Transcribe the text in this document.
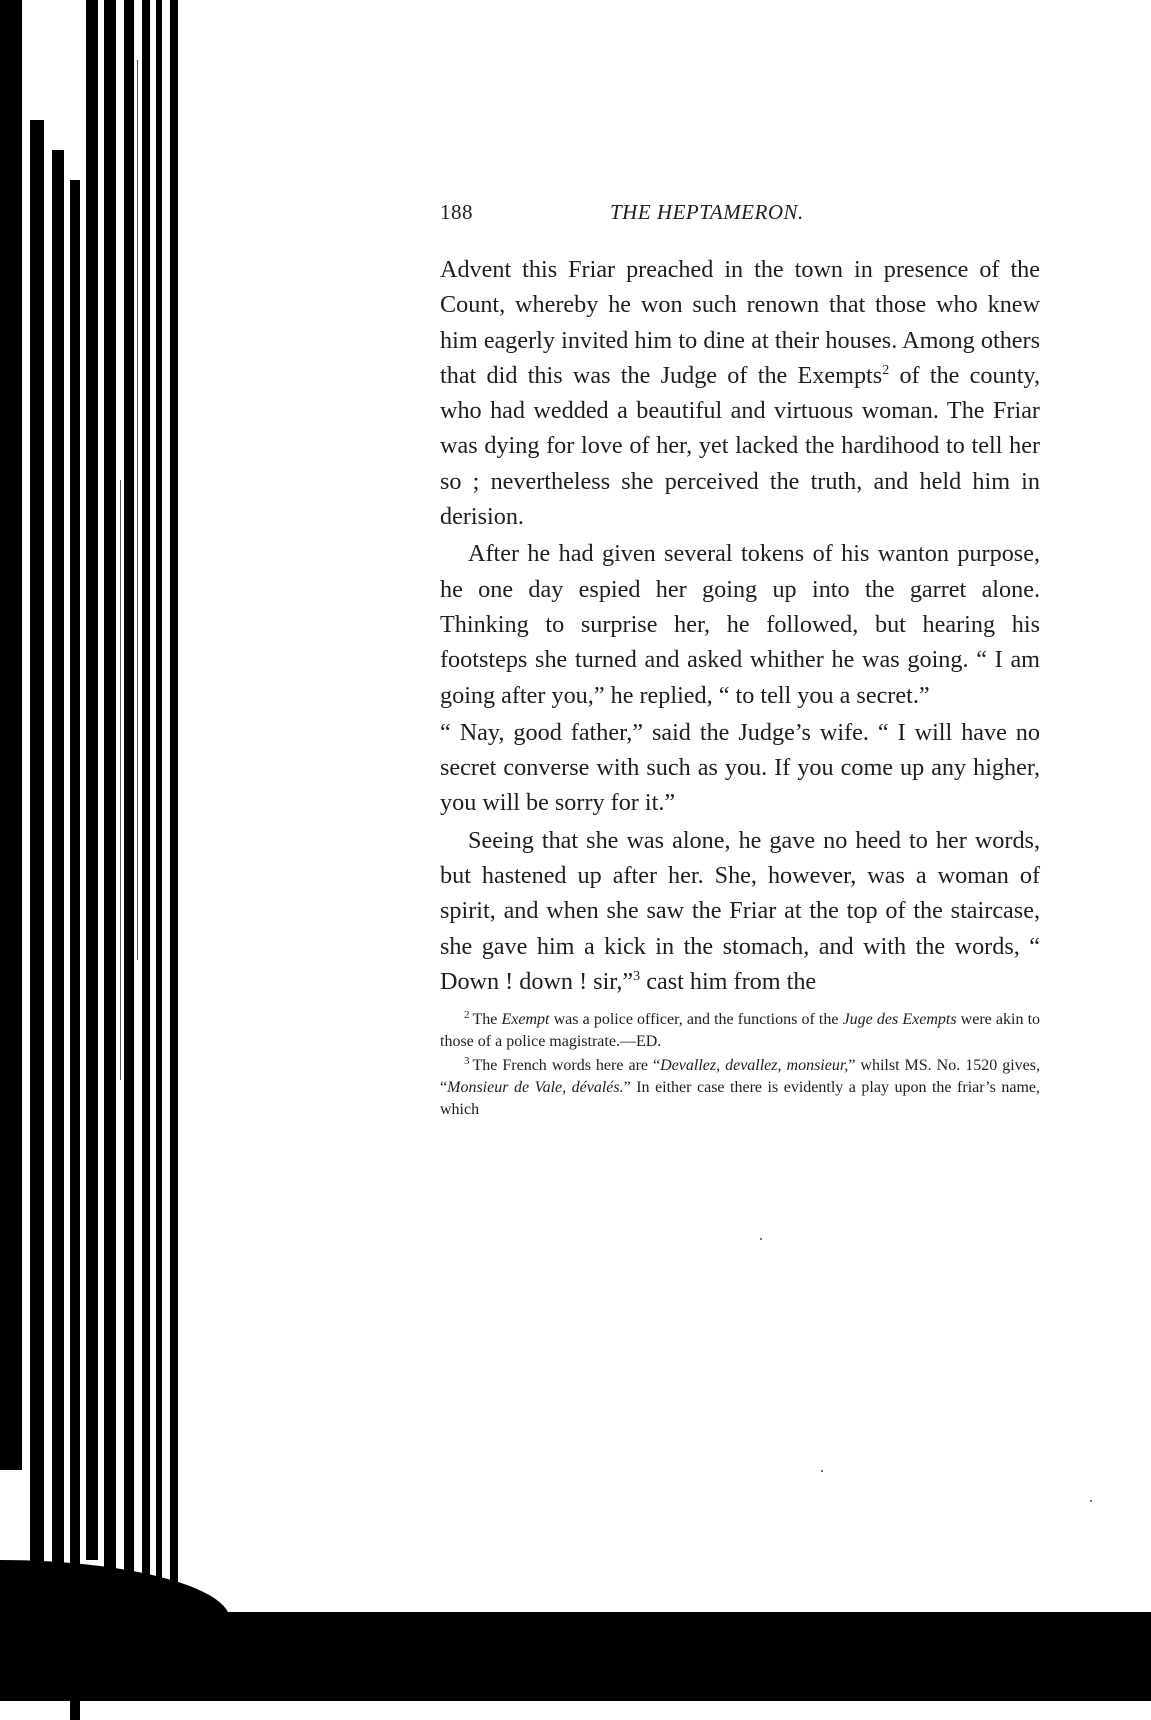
188	THE HEPTAMERON.

Advent this Friar preached in the town in presence of the Count, whereby he won such renown that those who knew him eagerly invited him to dine at their houses. Among others that did this was the Judge of the Exempts$^2$ of the county, who had wedded a beautiful and virtuous woman. The Friar was dying for love of her, yet lacked the hardihood to tell her so ; nevertheless she perceived the truth, and held him in derision.

After he had given several tokens of his wanton purpose, he one day espied her going up into the garret alone. Thinking to surprise her, he followed, but hearing his footsteps she turned and asked whither he was going. “ I am going after you,” he replied, “ to tell you a secret.”

“ Nay, good father,” said the Judge’s wife. “ I will have no secret converse with such as you. If you come up any higher, you will be sorry for it.”

Seeing that she was alone, he gave no heed to her words, but hastened up after her. She, however, was a woman of spirit, and when she saw the Friar at the top of the staircase, she gave him a kick in the stomach, and with the words, “ Down ! down ! sir,”$^3$ cast him from the

$^2$ The Exempt was a police officer, and the functions of the Juge des Exempts were akin to those of a police magistrate.—ED.

$^3$ The French words here are “Devallez, devallez, monsieur,” whilst MS. No. 1520 gives, “Monsieur de Vale, dévalés.” In either case there is evidently a play upon the friar’s name, which
